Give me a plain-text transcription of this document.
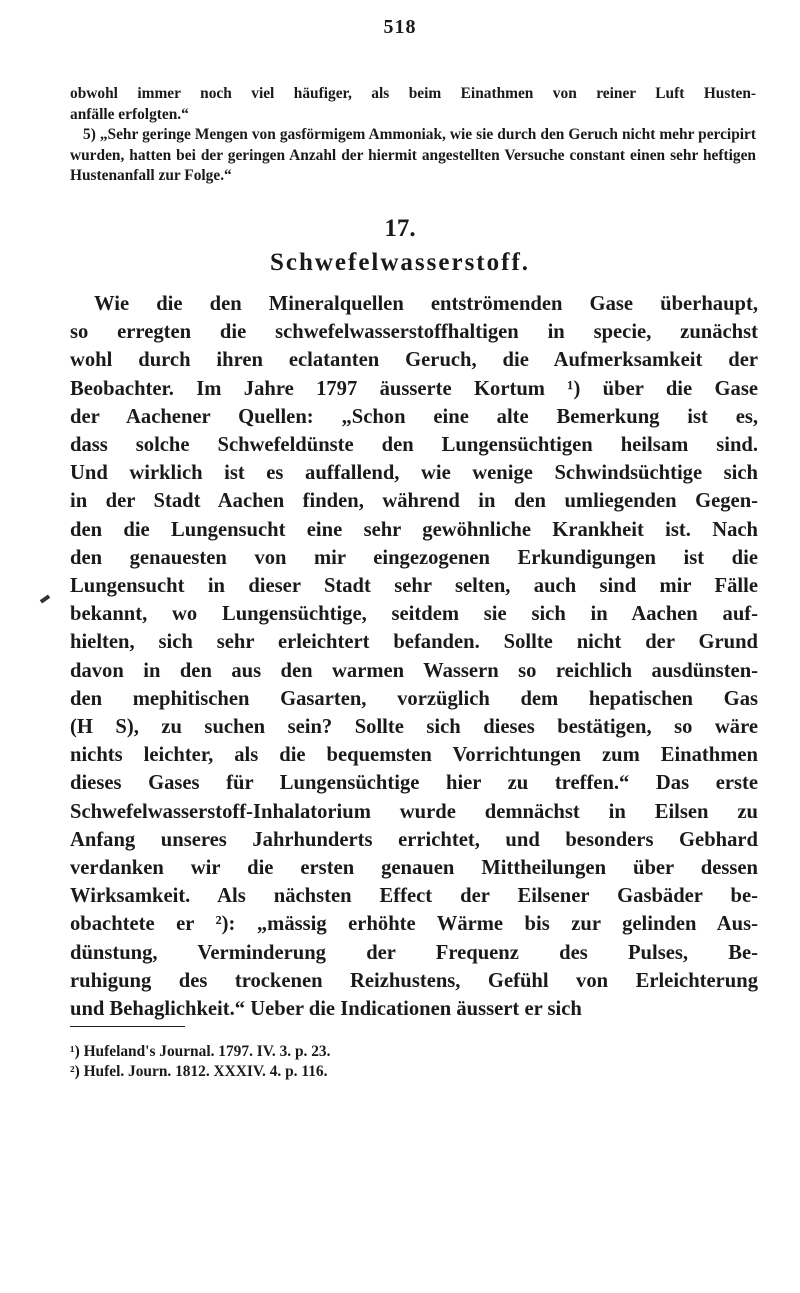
518
obwohl immer noch viel häufiger, als beim Einathmen von reiner Luft Husten-
anfälle erfolgten.“

5) „Sehr geringe Mengen von gasförmigem Ammoniak, wie sie durch den Geruch nicht mehr percipirt wurden, hatten bei der geringen Anzahl der hiermit angestellten Versuche constant einen sehr heftigen Hustenanfall zur Folge.“

17.
Schwefelwasserstoff.
Wie die den Mineralquellen entströmenden Gase überhaupt,
so erregten die schwefelwasserstoffhaltigen in specie, zunächst
wohl durch ihren eclatanten Geruch, die Aufmerksamkeit der
Beobachter. Im Jahre 1797 äusserte Kortum ¹) über die Gase
der Aachener Quellen: „Schon eine alte Bemerkung ist es,
dass solche Schwefeldünste den Lungensüchtigen heilsam sind.
Und wirklich ist es auffallend, wie wenige Schwindsüchtige sich
in der Stadt Aachen finden, während in den umliegenden Gegen-
den die Lungensucht eine sehr gewöhnliche Krankheit ist. Nach
den genauesten von mir eingezogenen Erkundigungen ist die
Lungensucht in dieser Stadt sehr selten, auch sind mir Fälle
bekannt, wo Lungensüchtige, seitdem sie sich in Aachen auf-
hielten, sich sehr erleichtert befanden. Sollte nicht der Grund
davon in den aus den warmen Wassern so reichlich ausdünsten-
den mephitischen Gasarten, vorzüglich dem hepatischen Gas
(H S), zu suchen sein? Sollte sich dieses bestätigen, so wäre
nichts leichter, als die bequemsten Vorrichtungen zum Einathmen
dieses Gases für Lungensüchtige hier zu treffen.“ Das erste
Schwefelwasserstoff-Inhalatorium wurde demnächst in Eilsen zu
Anfang unseres Jahrhunderts errichtet, und besonders Gebhard
verdanken wir die ersten genauen Mittheilungen über dessen
Wirksamkeit. Als nächsten Effect der Eilsener Gasbäder be-
obachtete er ²): „mässig erhöhte Wärme bis zur gelinden Aus-
dünstung, Verminderung der Frequenz des Pulses, Be-
ruhigung des trockenen Reizhustens, Gefühl von Erleichterung
und Behaglichkeit.“ Ueber die Indicationen äussert er sich
¹) Hufeland's Journal. 1797. IV. 3. p. 23.
²) Hufel. Journ. 1812. XXXIV. 4. p. 116.
